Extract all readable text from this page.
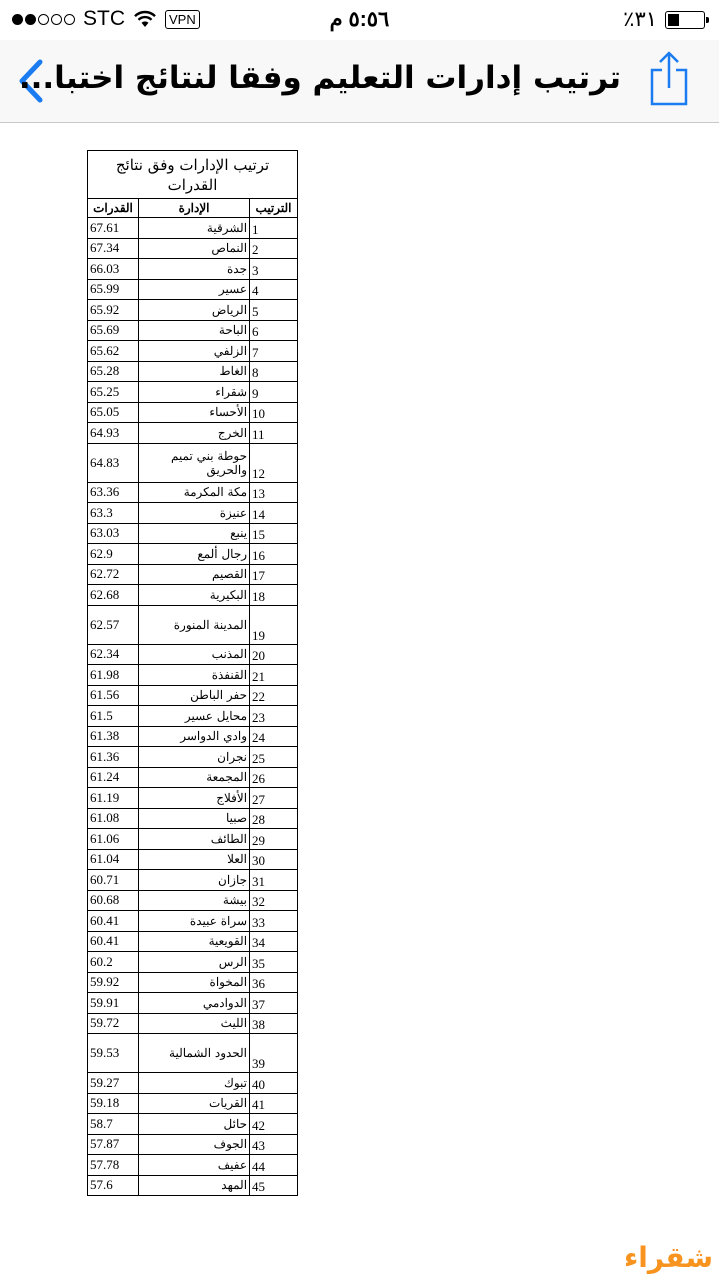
STC	VPN	٥:٥٦ م	٪٣١
ترتيب إدارات التعليم وفقا لنتائج اختبا...
ترتيب الإدارات وفق نتائج القدرات		
الترتيب	الإدارة	القدرات
1	الشرقية	67.61
2	النماص	67.34
3	جدة	66.03
4	عسير	65.99
5	الرياض	65.92
6	الباحة	65.69
7	الزلفي	65.62
8	الغاط	65.28
9	شقراء	65.25
10	الأحساء	65.05
11	الخرج	64.93
12	حوطة بني تميم والحريق	64.83
13	مكة المكرمة	63.36
14	عنيزة	63.3
15	ينبع	63.03
16	رجال ألمع	62.9
17	القصيم	62.72
18	البكيرية	62.68
19	المدينة المنورة	62.57
20	المذنب	62.34
21	القنفذة	61.98
22	حفر الباطن	61.56
23	محايل عسير	61.5
24	وادي الدواسر	61.38
25	نجران	61.36
26	المجمعة	61.24
27	الأفلاج	61.19
28	صبيا	61.08
29	الطائف	61.06
30	العلا	61.04
31	جازان	60.71
32	بيشة	60.68
33	سراة عبيدة	60.41
34	القويعية	60.41
35	الرس	60.2
36	المخواة	59.92
37	الدوادمي	59.91
38	الليث	59.72
39	الحدود الشمالية	59.53
40	تبوك	59.27
41	القريات	59.18
42	حائل	58.7
43	الجوف	57.87
44	عفيف	57.78
45	المهد	57.6
شقراء
